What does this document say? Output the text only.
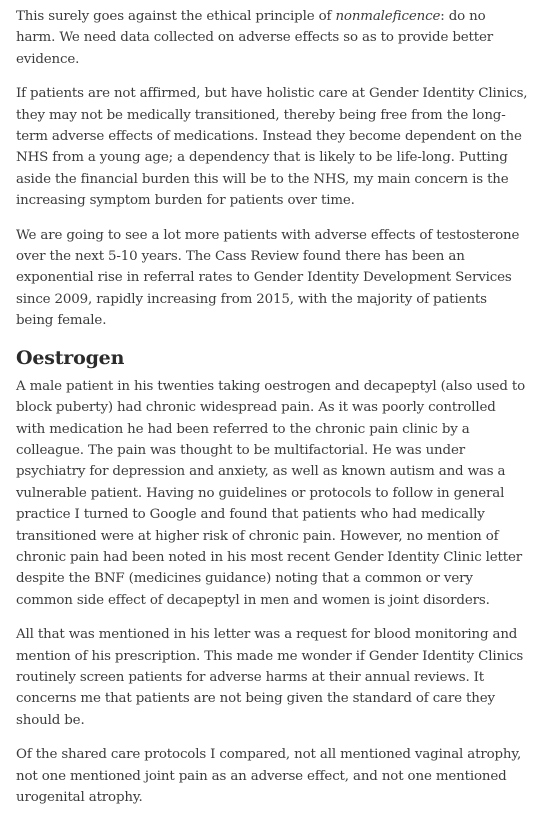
This surely goes against the ethical principle of nonmaleficence: do no harm. We need data collected on adverse effects so as to provide better evidence.

If patients are not affirmed, but have holistic care at Gender Identity Clinics, they may not be medically transitioned, thereby being free from the long-term adverse effects of medications. Instead they become dependent on the NHS from a young age; a dependency that is likely to be life-long. Putting aside the financial burden this will be to the NHS, my main concern is the increasing symptom burden for patients over time.

We are going to see a lot more patients with adverse effects of testosterone over the next 5-10 years. The Cass Review found there has been an exponential rise in referral rates to Gender Identity Development Services since 2009, rapidly increasing from 2015, with the majority of patients being female.

Oestrogen

A male patient in his twenties taking oestrogen and decapeptyl (also used to block puberty) had chronic widespread pain. As it was poorly controlled with medication he had been referred to the chronic pain clinic by a colleague. The pain was thought to be multifactorial. He was under psychiatry for depression and anxiety, as well as known autism and was a vulnerable patient. Having no guidelines or protocols to follow in general practice I turned to Google and found that patients who had medically transitioned were at higher risk of chronic pain. However, no mention of chronic pain had been noted in his most recent Gender Identity Clinic letter despite the BNF (medicines guidance) noting that a common or very common side effect of decapeptyl in men and women is joint disorders.

All that was mentioned in his letter was a request for blood monitoring and mention of his prescription. This made me wonder if Gender Identity Clinics routinely screen patients for adverse harms at their annual reviews. It concerns me that patients are not being given the standard of care they should be.

Of the shared care protocols I compared, not all mentioned vaginal atrophy, not one mentioned joint pain as an adverse effect, and not one mentioned urogenital atrophy.
